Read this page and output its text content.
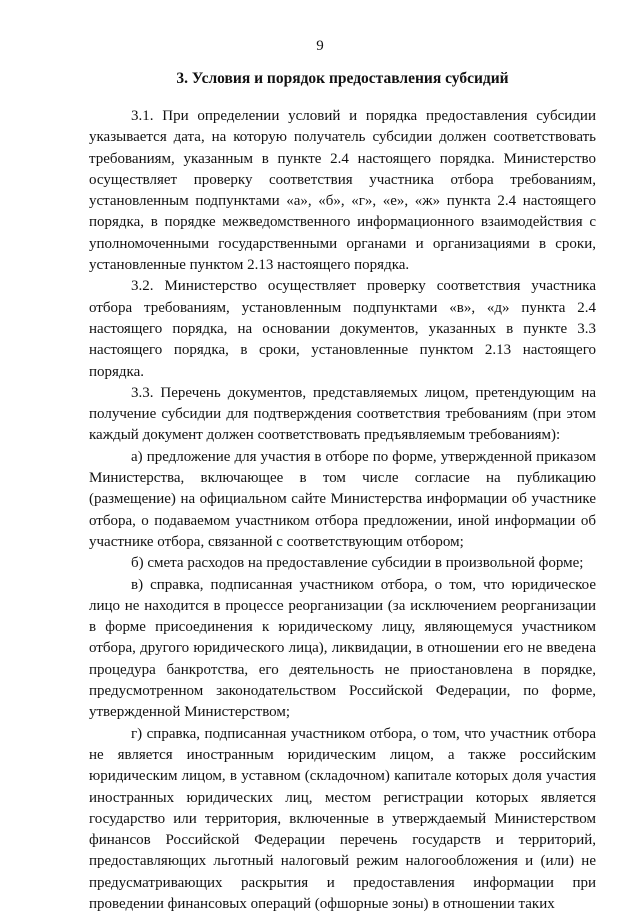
9
3. Условия и порядок предоставления субсидий

3.1. При определении условий и порядка предоставления субсидии указывается дата, на которую получатель субсидии должен соответствовать требованиям, указанным в пункте 2.4 настоящего порядка. Министерство осуществляет проверку соответствия участника отбора требованиям, установленным подпунктами «а», «б», «г», «е», «ж» пункта 2.4 настоящего порядка, в порядке межведомственного информационного взаимодействия с уполномоченными государственными органами и организациями в сроки, установленные пунктом 2.13 настоящего порядка.

3.2. Министерство осуществляет проверку соответствия участника отбора требованиям, установленным подпунктами «в», «д» пункта 2.4 настоящего порядка, на основании документов, указанных в пункте 3.3 настоящего порядка, в сроки, установленные пунктом 2.13 настоящего порядка.

3.3. Перечень документов, представляемых лицом, претендующим на получение субсидии для подтверждения соответствия требованиям (при этом каждый документ должен соответствовать предъявляемым требованиям):

а) предложение для участия в отборе по форме, утвержденной приказом Министерства, включающее в том числе согласие на публикацию (размещение) на официальном сайте Министерства информации об участнике отбора, о подаваемом участником отбора предложении, иной информации об участнике отбора, связанной с соответствующим отбором;

б) смета расходов на предоставление субсидии в произвольной форме;

в) справка, подписанная участником отбора, о том, что юридическое лицо не находится в процессе реорганизации (за исключением реорганизации в форме присоединения к юридическому лицу, являющемуся участником отбора, другого юридического лица), ликвидации, в отношении его не введена процедура банкротства, его деятельность не приостановлена в порядке, предусмотренном законодательством Российской Федерации, по форме, утвержденной Министерством;

г) справка, подписанная участником отбора, о том, что участник отбора не является иностранным юридическим лицом, а также российским юридическим лицом, в уставном (складочном) капитале которых доля участия иностранных юридических лиц, местом регистрации которых является государство или территория, включенные в утверждаемый Министерством финансов Российской Федерации перечень государств и территорий, предоставляющих льготный налоговый режим налогообложения и (или) не предусматривающих раскрытия и предоставления информации при проведении финансовых операций (офшорные зоны) в отношении таких
